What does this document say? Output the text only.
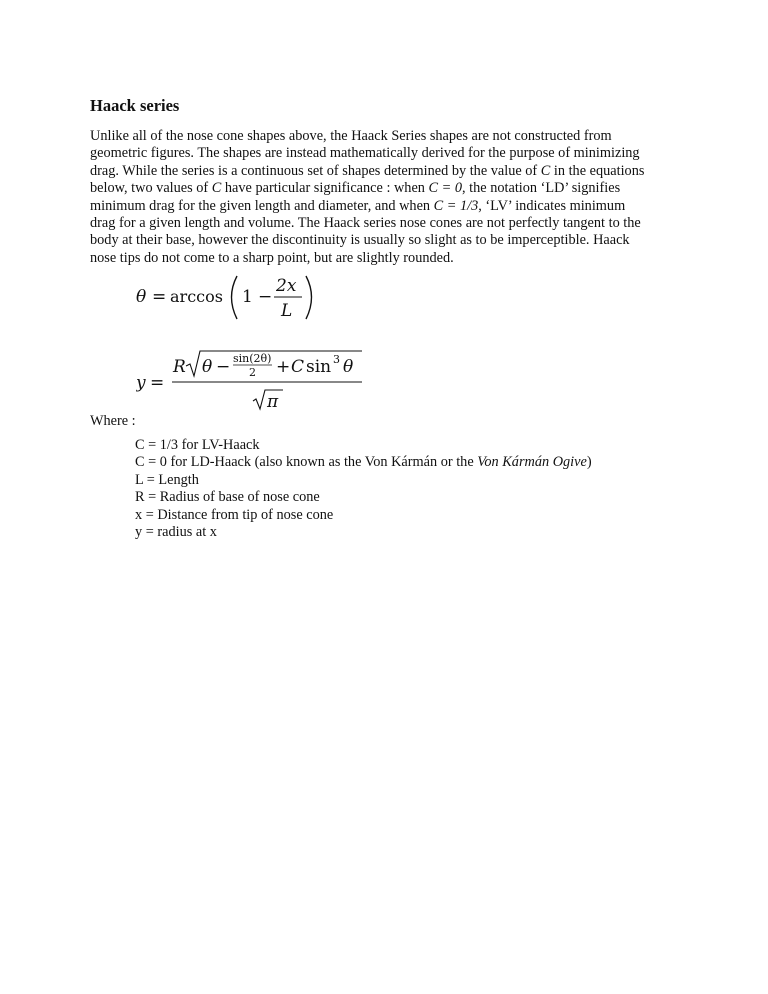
Haack series

Unlike all of the nose cone shapes above, the Haack Series shapes are not constructed from
geometric figures. The shapes are instead mathematically derived for the purpose of minimizing
drag. While the series is a continuous set of shapes determined by the value of C in the equations
below, two values of C have particular significance : when C = 0, the notation ‘LD’ signifies
minimum drag for the given length and diameter, and when C = 1/3, ‘LV’ indicates minimum
drag for a given length and volume. The Haack series nose cones are not perfectly tangent to the
body at their base, however the discontinuity is usually so slight as to be imperceptible. Haack
nose tips do not come to a sharp point, but are slightly rounded.

θ = arccos 1 −
2x
L
y =
R θ − sin(2θ)
2 + C sin 3 θ
π

Where :

C = 1/3 for LV-Haack
C = 0 for LD-Haack (also known as the Von Kármán or the Von Kármán Ogive)
L = Length
R = Radius of base of nose cone
x = Distance from tip of nose cone
y = radius at x
